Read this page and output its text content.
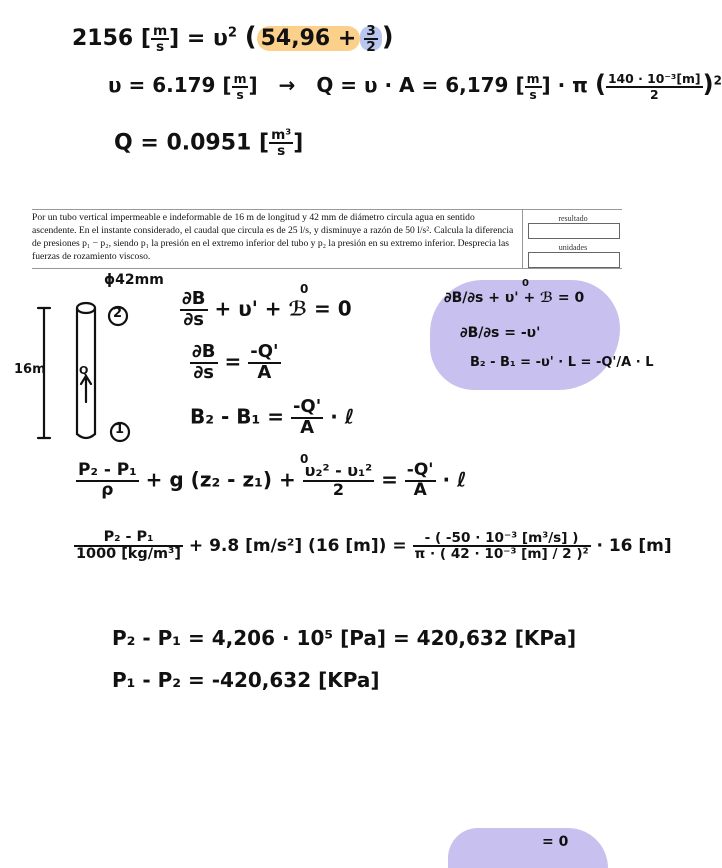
2156 [ $\frac{m}{s}$ ] = $\upsilon^2$ ( $54,96 + \frac{3}{2}$ )
υ = 6.179 [ $\frac{m}{s}$ ] → Q = υ · A = 6,179 [ $\frac{m}{s}$ ] · π ( $\frac{\text{140 · 10⁻³[m]}}{2} )^2$
Q = 0.0951 [ $\frac{\text{m³}}{s}$ ]
Por un tubo vertical impermeable e indeformable de 16 m de longitud y 42 mm de diámetro circula agua en sentido ascendente. En el instante considerado, el caudal que circula es de 25 l/s, y disminuye a razón de 50 l/s². Calcula la diferencia de presiones p₁ − p₂, siendo p₁ la presión en el extremo inferior del tubo y p₂ la presión en su extremo inferior. Desprecia las fuerzas de rozamiento viscoso.
resultado
unidades
ϕ42mm
16m
2
1
Q
$\frac{\partial B}{\partial s} + \upsilon'$ + ℬ = 0
0
$\frac{\partial B}{\partial s} = \frac{-Q'}{A}$
$B_2 - B_1 = \frac{-Q'}{A}$ · ℓ
∂B/∂s + υ' + ℬ = 0
0
∂B/∂s = -υ'
B₂ - B₁ = -υ' · L = -Q'/A · L
$\frac{\text{P₂ - P₁}}{\rho} + g$ $(z_2 - z_1) + \frac{\text{υ₂² - υ₁²}}{2} = \frac{-Q'}{A}$ · ℓ
0
$\frac{\text{P₂ - P₁}}{\text{1000 [kg/m³]}} + 9.8$ [m/s²] (16 $[m]) = \frac{\text{- ( -50 · 10⁻³ [m³/s] )}}{\text{π · ( 42 · 10⁻³ [m] / 2 )²}} \cdot 16$ [m]
P₂ - P₁ = 4,206 · 10⁵ [Pa] = 420,632 [KPa]
P₁ - P₂ = -420,632 [KPa]
= 0
